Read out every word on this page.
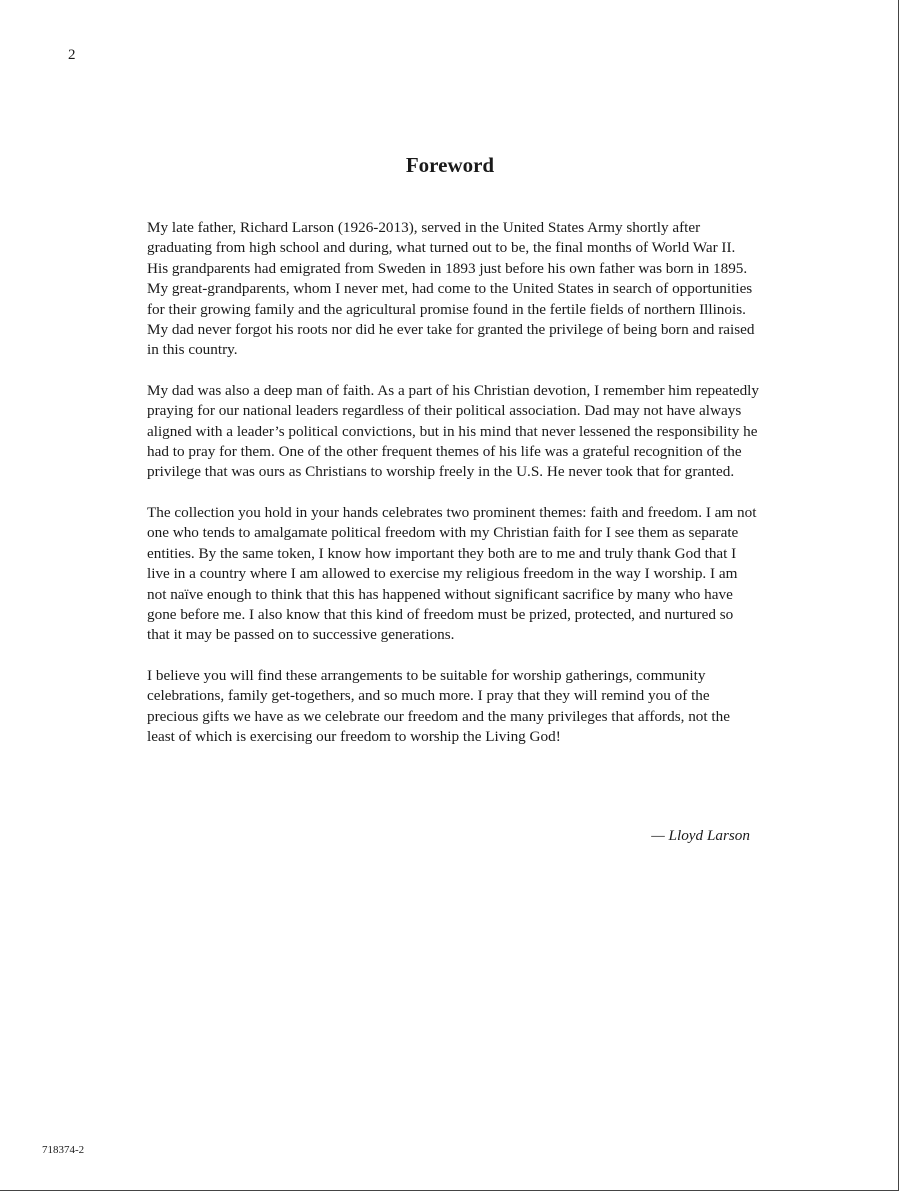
2
Foreword

My late father, Richard Larson (1926-2013), served in the United States Army shortly after graduating from high school and during, what turned out to be, the final months of World War II. His grandparents had emigrated from Sweden in 1893 just before his own father was born in 1895. My great-grandparents, whom I never met, had come to the United States in search of opportunities for their growing family and the agricultural promise found in the fertile fields of northern Illinois. My dad never forgot his roots nor did he ever take for granted the privilege of being born and raised in this country.

My dad was also a deep man of faith. As a part of his Christian devotion, I remember him repeatedly praying for our national leaders regardless of their political association. Dad may not have always aligned with a leader’s political convictions, but in his mind that never lessened the responsibility he had to pray for them. One of the other frequent themes of his life was a grateful recognition of the privilege that was ours as Christians to worship freely in the U.S. He never took that for granted.

The collection you hold in your hands celebrates two prominent themes: faith and freedom. I am not one who tends to amalgamate political freedom with my Christian faith for I see them as separate entities. By the same token, I know how important they both are to me and truly thank God that I live in a country where I am allowed to exercise my religious freedom in the way I worship. I am not naïve enough to think that this has happened without significant sacrifice by many who have gone before me. I also know that this kind of freedom must be prized, protected, and nurtured so that it may be passed on to successive generations.

I believe you will find these arrangements to be suitable for worship gatherings, community celebrations, family get-togethers, and so much more. I pray that they will remind you of the precious gifts we have as we celebrate our freedom and the many privileges that affords, not the least of which is exercising our freedom to worship the Living God!

— Lloyd Larson
718374-2
